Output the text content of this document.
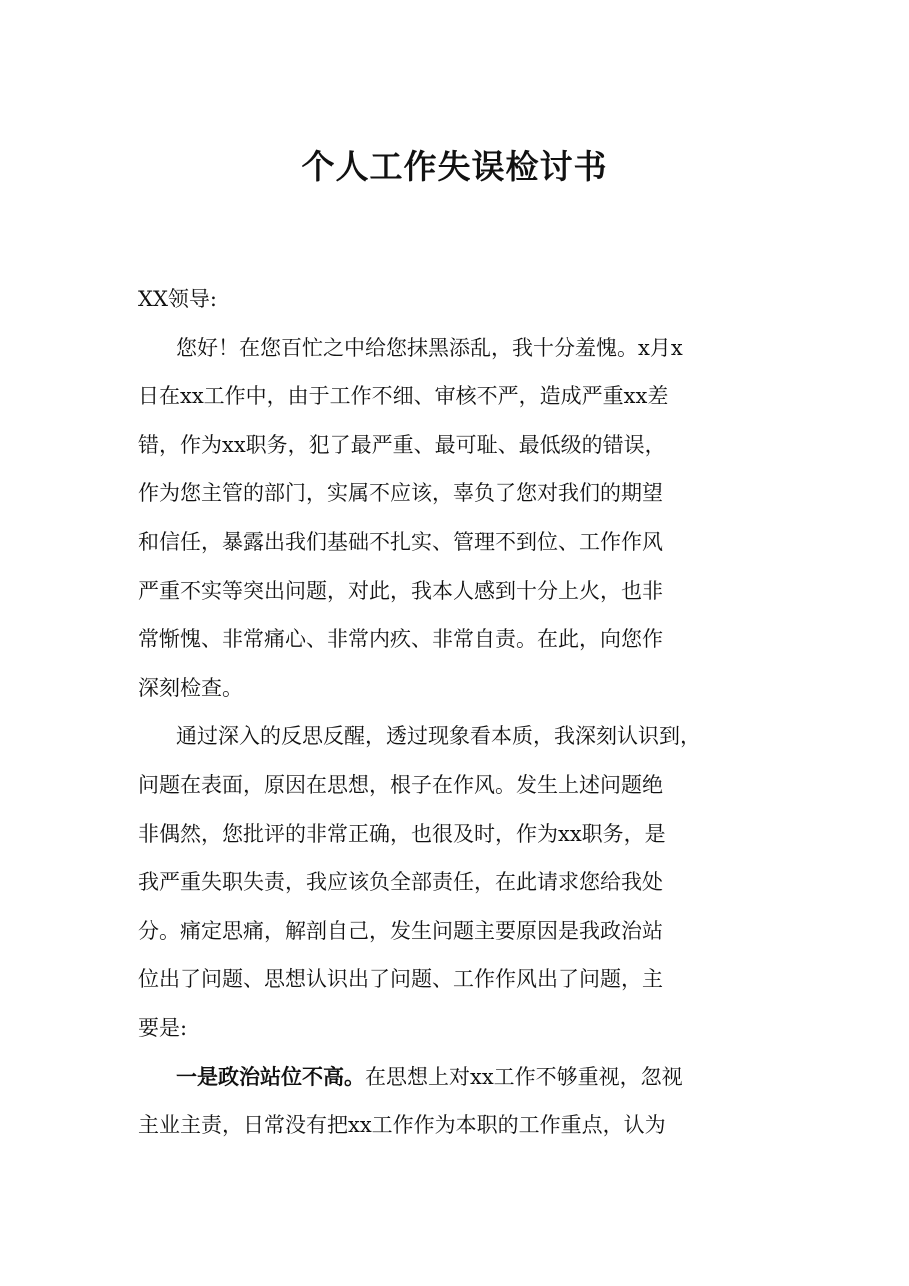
个人工作失误检讨书
XX领导:
您好！在您百忙之中给您抹黑添乱，我十分羞愧。x月x
日在xx工作中，由于工作不细、审核不严，造成严重xx差
错，作为xx职务，犯了最严重、最可耻、最低级的错误，
作为您主管的部门，实属不应该，辜负了您对我们的期望
和信任，暴露出我们基础不扎实、管理不到位、工作作风
严重不实等突出问题，对此，我本人感到十分上火，也非
常惭愧、非常痛心、非常内疚、非常自责。在此，向您作
深刻检查。
通过深入的反思反醒，透过现象看本质，我深刻认识到，
问题在表面，原因在思想，根子在作风。发生上述问题绝
非偶然，您批评的非常正确，也很及时，作为xx职务，是
我严重失职失责，我应该负全部责任，在此请求您给我处
分。痛定思痛，解剖自己，发生问题主要原因是我政治站
位出了问题、思想认识出了问题、工作作风出了问题，主
要是:
一是政治站位不高。在思想上对xx工作不够重视，忽视
主业主责，日常没有把xx工作作为本职的工作重点，认为
